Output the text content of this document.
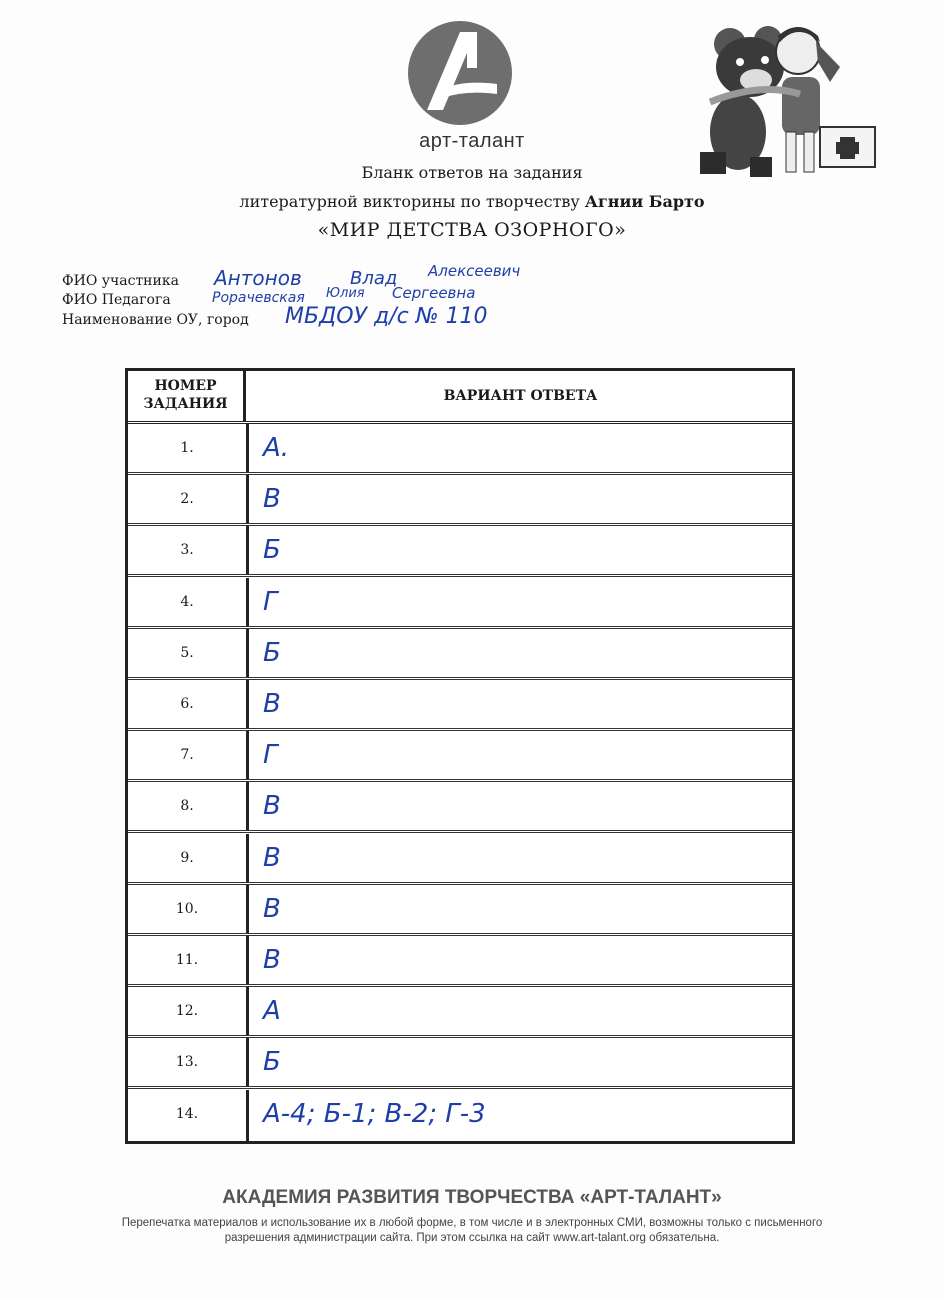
арт-талант
Бланк ответов на задания
литературной викторины по творчеству Агнии Барто
«МИР ДЕТСТВА ОЗОРНОГО»
ФИО участника Антонов	Влад Алексеевич
ФИО Педагога	Рорачевская Юлия Сергеевна
Наименование ОУ, город МБДОУ д/с № 110
НОМЕР ЗАДАНИЯ	ВАРИАНТ ОТВЕТА
1.	А.
2.	В
3.	Б
4.	Г
5.	Б
6.	В
7.	Г
8.	В
9.	В
10.	В
11.	В
12.	А
13.	Б
14.	А-4; Б-1; В-2; Г-3
АКАДЕМИЯ РАЗВИТИЯ ТВОРЧЕСТВА «АРТ-ТАЛАНТ»
Перепечатка материалов и использование их в любой форме, в том числе и в электронных СМИ, возможны только с письменного разрешения администрации сайта. При этом ссылка на сайт www.art-talant.org обязательна.
